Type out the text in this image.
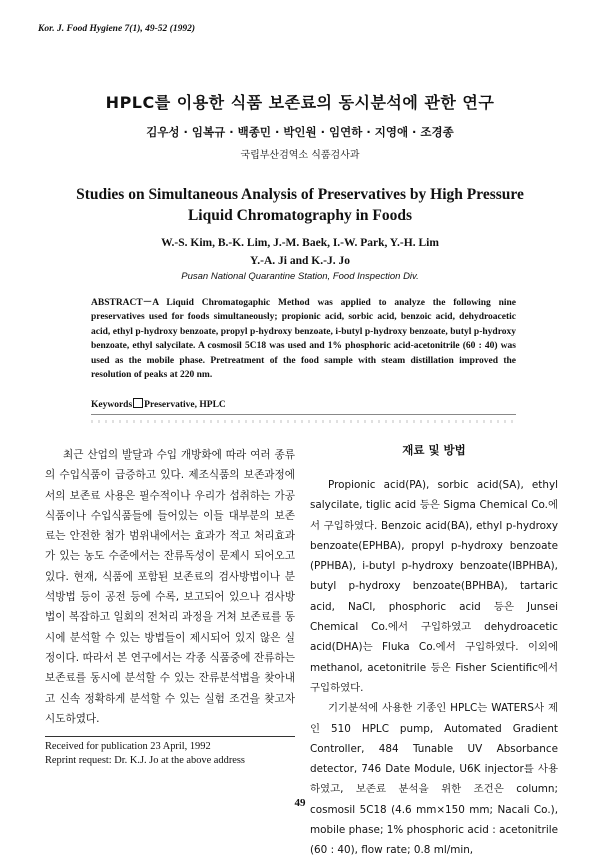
Kor. J. Food Hygiene 7(1), 49-52 (1992)
HPLC를 이용한 식품 보존료의 동시분석에 관한 연구
김우성 · 임복규 · 백종민 · 박인원 · 임연하 · 지영애 · 조경종
국립부산검역소 식품검사과
Studies on Simultaneous Analysis of Preservatives by High Pressure Liquid Chromatography in Foods
W.-S. Kim, B.-K. Lim, J.-M. Baek, I.-W. Park, Y.-H. Lim
Y.-A. Ji and K.-J. Jo
Pusan National Quarantine Station, Food Inspection Div.
ABSTRACT－A Liquid Chromatogaphic Method was applied to analyze the following nine preservatives used for foods simultaneously; propionic acid, sorbic acid, benzoic acid, dehydroacetic acid, ethyl p-hydroxy benzoate, propyl p-hydroxy benzoate, i-butyl p-hydroxy benzoate, butyl p-hydroxy benzoate, ethyl salycilate. A cosmosil 5C18 was used and 1% phosphoric acid-acetonitrile (60 : 40) was used as the mobile phase. Pretreatment of the food sample with steam distillation improved the resolution of peaks at 220 nm.
Keywords Preservative, HPLC
최근 산업의 발달과 수입 개방화에 따라 여러 종류의 수입식품이 급증하고 있다. 제조식품의 보존과정에서의 보존료 사용은 필수적이나 우리가 섭취하는 가공식품이나 수입식품들에 들어있는 이들 대부분의 보존료는 안전한 첨가 범위내에서는 효과가 적고 처리효과가 있는 농도 수준에서는 잔류독성이 문제시 되어오고 있다. 현재, 식품에 포함된 보존료의 검사방법이나 분석방법 등이 공전 등에 수록, 보고되어 있으나 검사방법이 복잡하고 일회의 전처리 과정을 거쳐 보존료를 동시에 분석할 수 있는 방법들이 제시되어 있지 않은 실정이다. 따라서 본 연구에서는 각종 식품중에 잔류하는 보존료를 동시에 분석할 수 있는 잔류분석법을 찾아내고 신속 정확하게 분석할 수 있는 실험 조건을 찾고자 시도하였다.
재료 및 방법

Propionic acid(PA), sorbic acid(SA), ethyl salycilate, tiglic acid 등은 Sigma Chemical Co.에서 구입하였다. Benzoic acid(BA), ethyl p-hydroxy benzoate(EPHBA), propyl p-hydroxy benzoate (PPHBA), i-butyl p-hydroxy benzoate(IBPHBA), butyl p-hydroxy benzoate(BPHBA), tartaric acid, NaCl, phosphoric acid 등은 Junsei Chemical Co.에서 구입하였고 dehydroacetic acid(DHA)는 Fluka Co.에서 구입하였다. 이외에 methanol, acetonitrile 등은 Fisher Scientific에서 구입하였다.

기기분석에 사용한 기종인 HPLC는 WATERS사 제인 510 HPLC pump, Automated Gradient Controller, 484 Tunable UV Absorbance detector, 746 Date Module, U6K injector를 사용하였고, 보존료 분석을 위한 조건은 column; cosmosil 5C18 (4.6 mm×150 mm; Nacali Co.), mobile phase; 1% phosphoric acid : acetonitrile (60 : 40), flow rate; 0.8 ml/min,

Received for publication 23 April, 1992
Reprint request: Dr. K.J. Jo at the above address
49
